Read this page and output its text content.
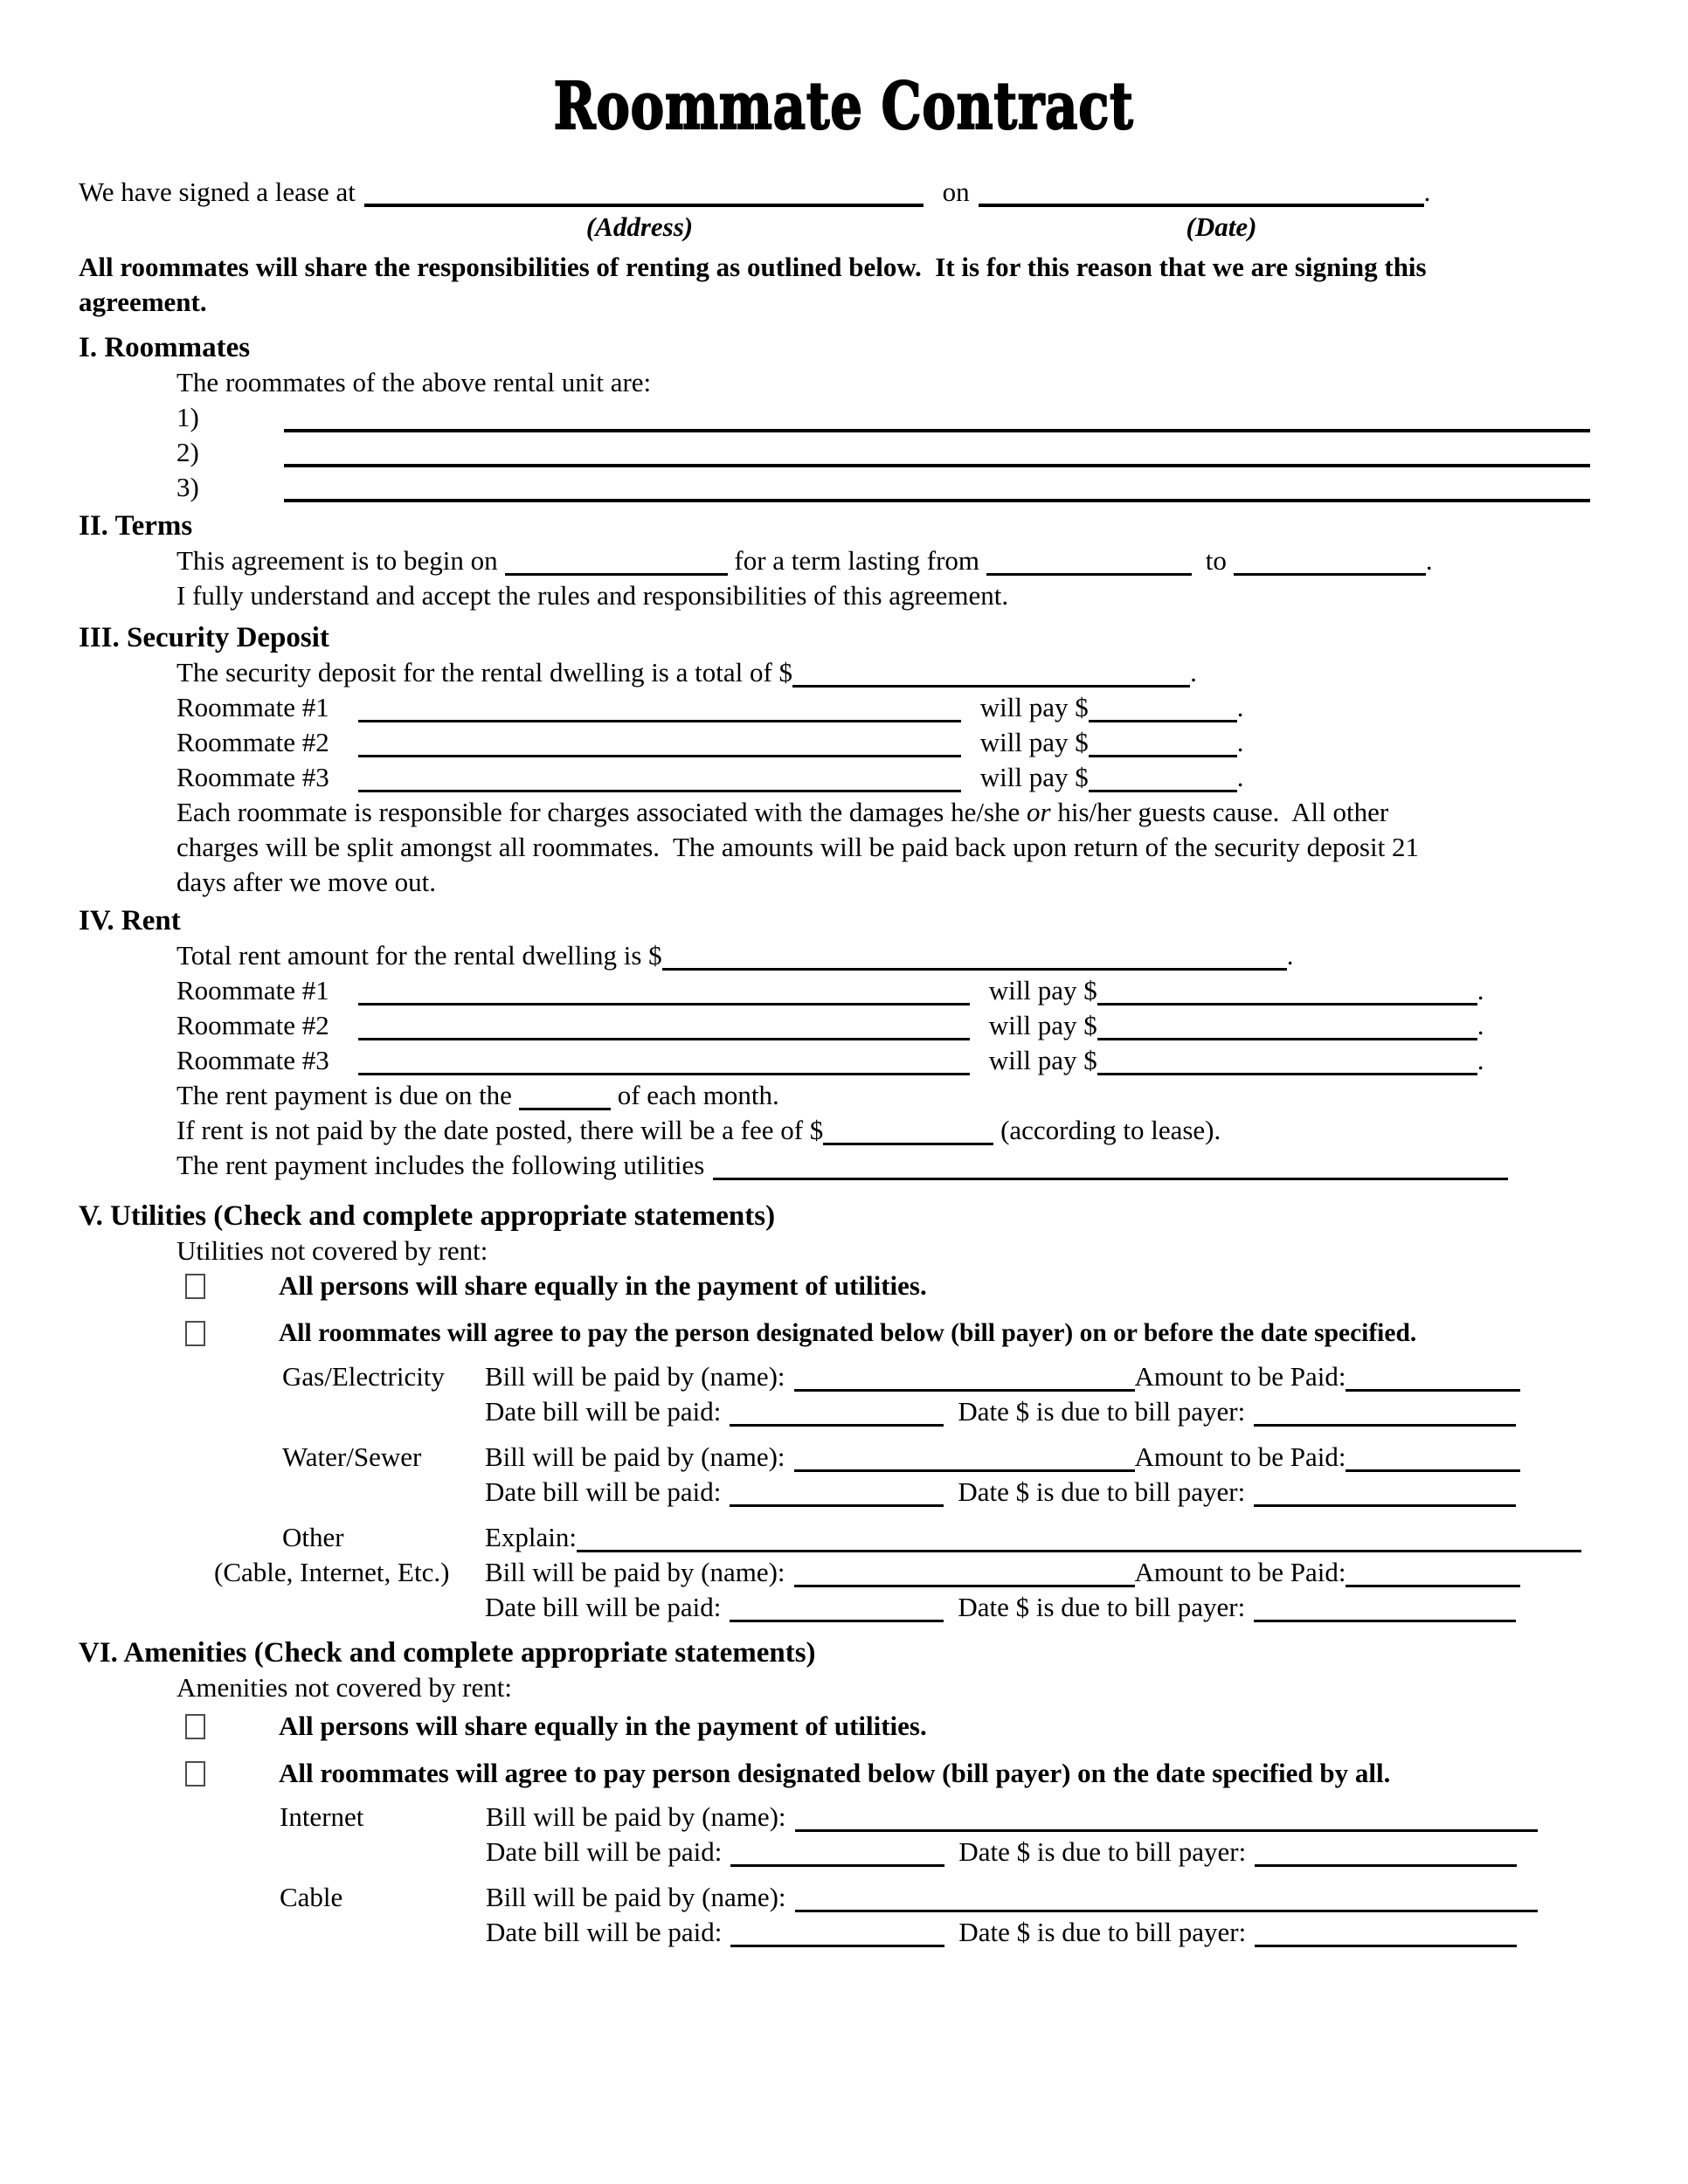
Roommate Contract
We have signed a lease at	on	.
(Address)	(Date)
All roommates will share the responsibilities of renting as outlined below.  It is for this reason that we are signing this
agreement.
I. Roommates
The roommates of the above rental unit are:
1)
2)
3)
II. Terms
This agreement is to begin on	for a term lasting from	to	.
I fully understand and accept the rules and responsibilities of this agreement.
III. Security Deposit
The security deposit for the rental dwelling is a total of $	.
Roommate #1	will pay $	.
Roommate #2	will pay $	.
Roommate #3	will pay $	.
Each roommate is responsible for charges associated with the damages he/she or his/her guests cause.  All other
charges will be split amongst all roommates.  The amounts will be paid back upon return of the security deposit 21
days after we move out.
IV. Rent
Total rent amount for the rental dwelling is $	.
Roommate #1	will pay $	.
Roommate #2	will pay $	.
Roommate #3	will pay $	.
The rent payment is due on the	of each month.
If rent is not paid by the date posted, there will be a fee of $	(according to lease).
The rent payment includes the following utilities
V. Utilities (Check and complete appropriate statements)
Utilities not covered by rent:
All persons will share equally in the payment of utilities.
All roommates will agree to pay the person designated below (bill payer) on or before the date specified.
Gas/Electricity Bill will be paid by (name):	Amount to be Paid:
Date bill will be paid:	Date $ is due to bill payer:
Water/Sewer Bill will be paid by (name):	Amount to be Paid:
Date bill will be paid:	Date $ is due to bill payer:
Other
(Cable, Internet, Etc.)
Explain:
Bill will be paid by (name):	Amount to be Paid:
Date bill will be paid:	Date $ is due to bill payer:
VI. Amenities (Check and complete appropriate statements)
Amenities not covered by rent:
All persons will share equally in the payment of utilities.
All roommates will agree to pay person designated below (bill payer) on the date specified by all.
Internet	Bill will be paid by (name):
Date bill will be paid:	Date $ is due to bill payer:
Cable	Bill will be paid by (name):
Date bill will be paid:	Date $ is due to bill payer:
